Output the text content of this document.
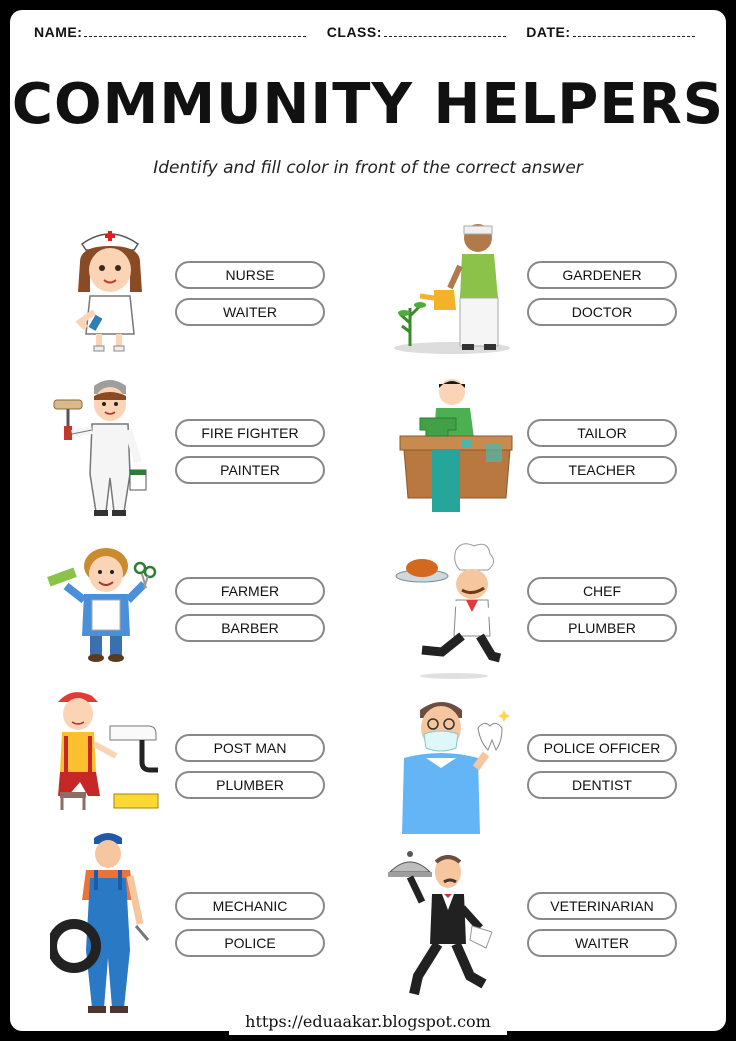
NAME:	CLASS:	DATE:
COMMUNITY HELPERS
Identify and fill color in front of the correct answer
NURSE
WAITER
GARDENER
DOCTOR
FIRE FIGHTER
PAINTER
TAILOR
TEACHER
FARMER
BARBER
CHEF
PLUMBER
POST MAN
PLUMBER
POLICE OFFICER
DENTIST
MECHANIC
POLICE
VETERINARIAN
WAITER
https://eduaakar.blogspot.com
